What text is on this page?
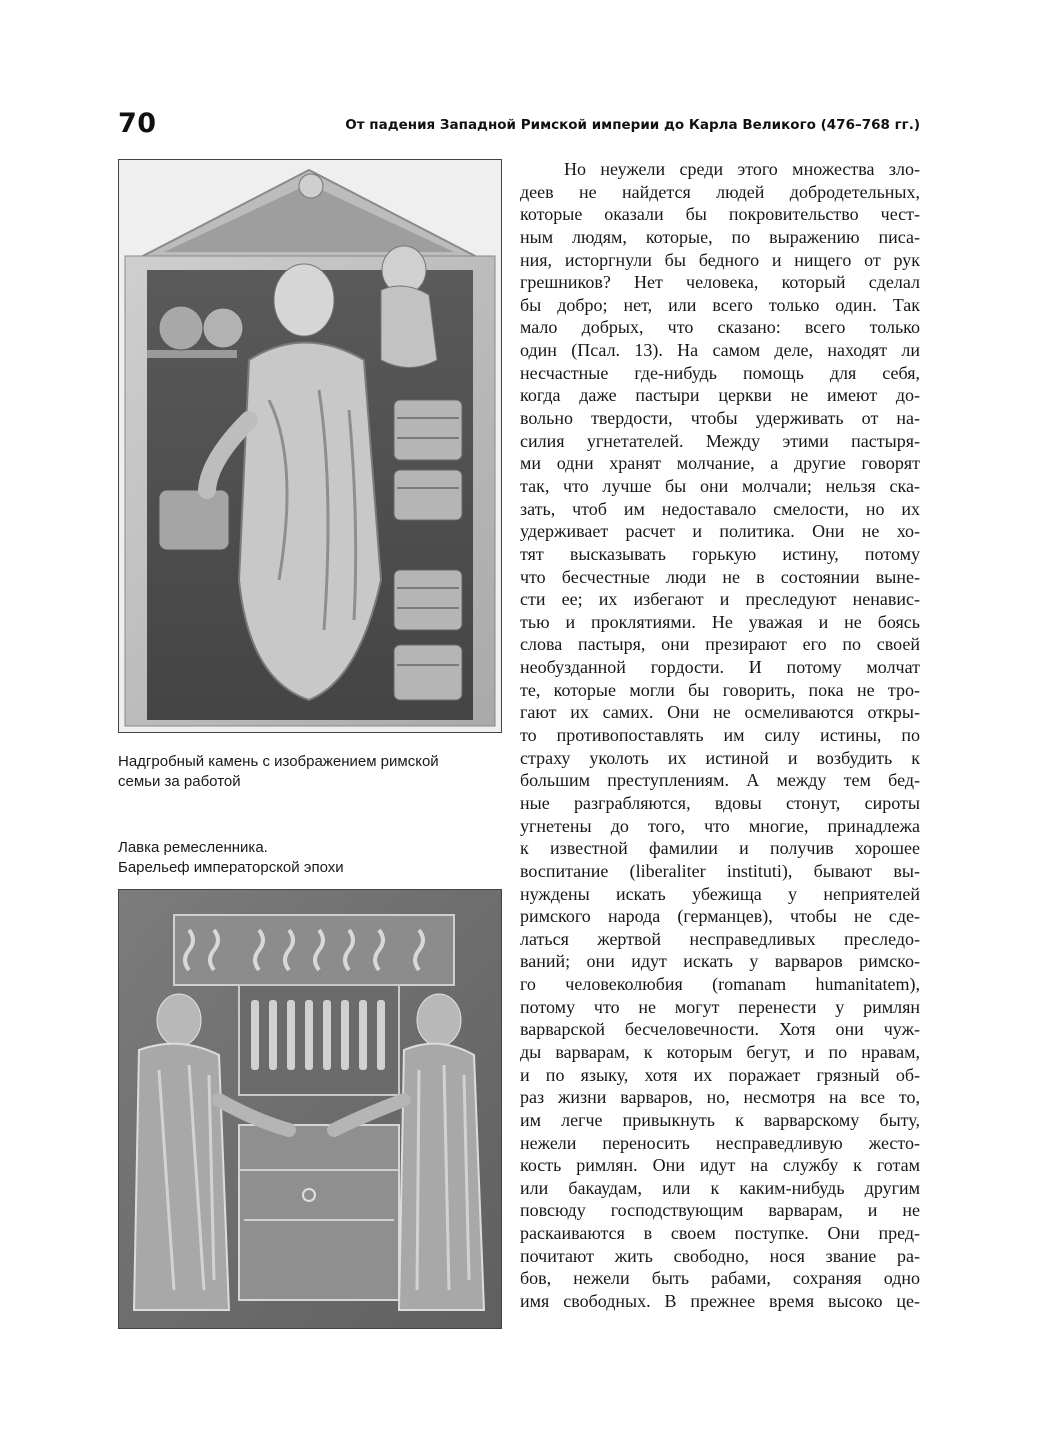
70	От падения Западной Римской империи до Карла Великого (476–768 гг.)
Надгробный камень с изображением римской
семьи за работой
Лавка ремесленника.
Барельеф императорской эпохи
Но неужели среди этого множества зло-
деев не найдется людей добродетельных,
которые оказали бы покровительство чест-
ным людям, которые, по выражению писа-
ния, исторгнули бы бедного и нищего от рук
грешников? Нет человека, который сделал
бы добро; нет, или всего только один. Так
мало добрых, что сказано: всего только
один (Псал. 13). На самом деле, находят ли
несчастные где-нибудь помощь для себя,
когда даже пастыри церкви не имеют до-
вольно твердости, чтобы удерживать от на-
силия угнетателей. Между этими пастыря-
ми одни хранят молчание, а другие говорят
так, что лучше бы они молчали; нельзя ска-
зать, чтоб им недоставало смелости, но их
удерживает расчет и политика. Они не хо-
тят высказывать горькую истину, потому
что бесчестные люди не в состоянии выне-
сти ее; их избегают и преследуют ненавис-
тью и проклятиями. Не уважая и не боясь
слова пастыря, они презирают его по своей
необузданной гордости. И потому молчат
те, которые могли бы говорить, пока не тро-
гают их самих. Они не осмеливаются откры-
то противопоставлять им силу истины, по
страху уколоть их истиной и возбудить к
большим преступлениям. А между тем бед-
ные разграбляются, вдовы стонут, сироты
угнетены до того, что многие, принадлежа
к известной фамилии и получив хорошее
воспитание (liberaliter instituti), бывают вы-
нуждены искать убежища у неприятелей
римского народа (германцев), чтобы не сде-
латься жертвой несправедливых преследо-
ваний; они идут искать у варваров римско-
го человеколюбия (romanam humanitatem),
потому что не могут перенести у римлян
варварской бесчеловечности. Хотя они чуж-
ды варварам, к которым бегут, и по нравам,
и по языку, хотя их поражает грязный об-
раз жизни варваров, но, несмотря на все то,
им легче привыкнуть к варварскому быту,
нежели переносить несправедливую жесто-
кость римлян. Они идут на службу к готам
или бакаудам, или к каким-нибудь другим
повсюду господствующим варварам, и не
раскаиваются в своем поступке. Они пред-
почитают жить свободно, нося звание ра-
бов, нежели быть рабами, сохраняя одно
имя свободных. В прежнее время высоко це-
